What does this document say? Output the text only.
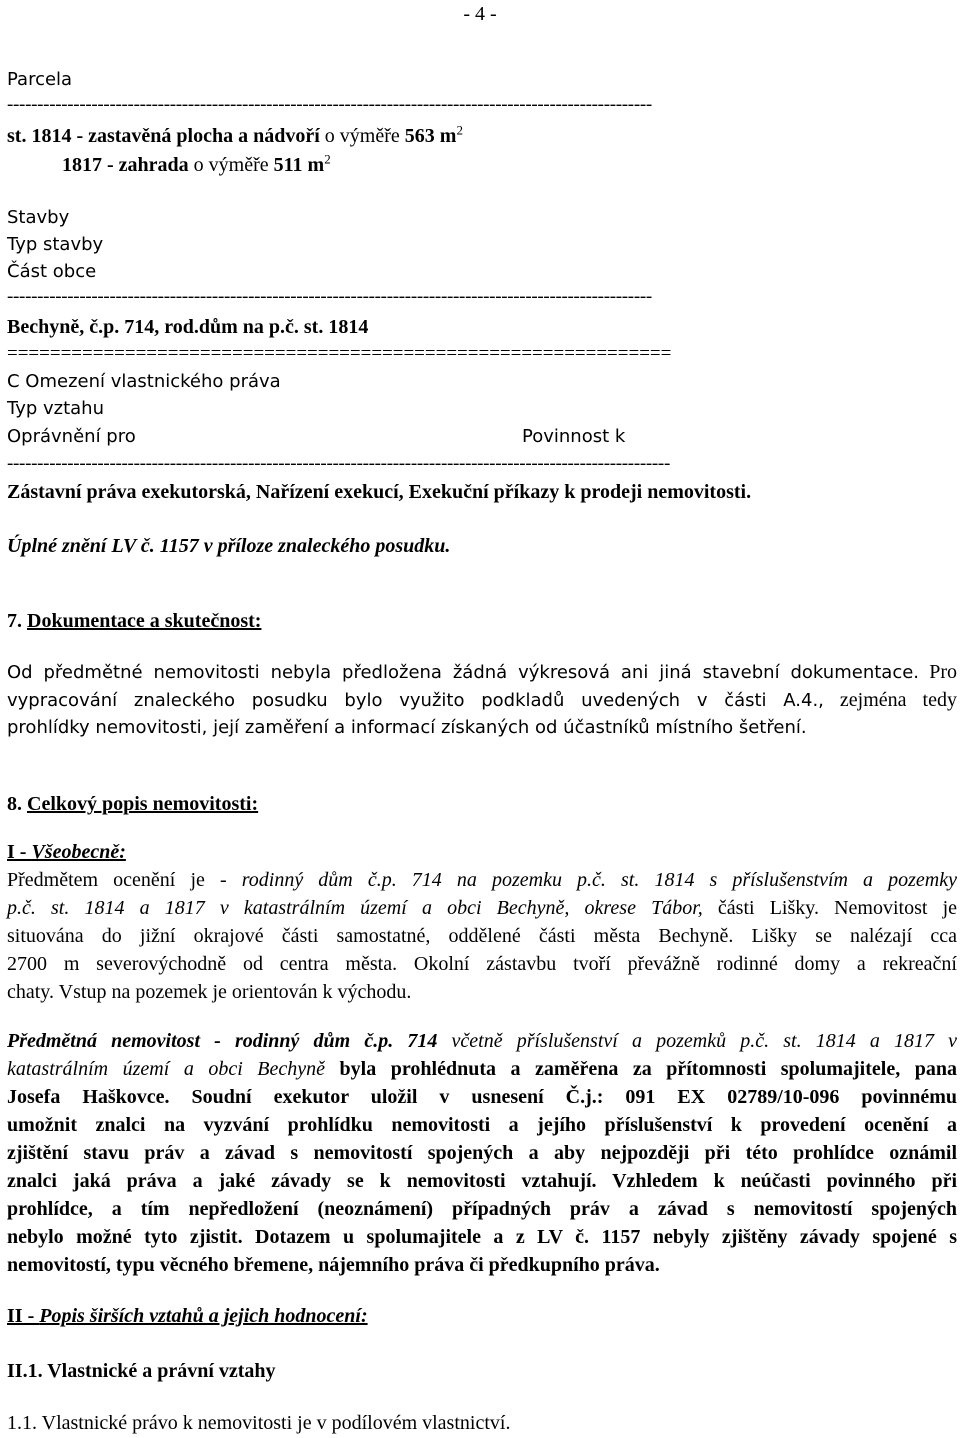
- 4 -
Parcela
-----------------------------------------------------------------------------------------------------------
st. 1814 - zastavěná plocha a nádvoří o výměře 563 $m^2$
1817 - zahrada o výměře 511 $m^2$
Stavby
Typ stavby
Část obce
-----------------------------------------------------------------------------------------------------------
Bechyně, č.p. 714, rod.dům na p.č. st. 1814
==============================================================
C Omezení vlastnického práva
Typ vztahu
Oprávnění pro	Povinnost k
--------------------------------------------------------------------------------------------------------------
Zástavní práva exekutorská, Nařízení exekucí, Exekuční příkazy k prodeji nemovitosti.
Úplné znění LV č. 1157 v příloze znaleckého posudku.
7. Dokumentace a skutečnost:
Od předmětné nemovitosti nebyla předložena žádná výkresová ani jiná stavební dokumentace. Pro
vypracování znaleckého posudku bylo využito podkladů uvedených v části A.4., zejména tedy
prohlídky nemovitosti, její zaměření a informací získaných od účastníků místního šetření.
8. Celkový popis nemovitosti:
I - Všeobecně:
Předmětem ocenění je - rodinný dům č.p. 714 na pozemku p.č. st. 1814 s příslušenstvím a pozemky
p.č. st. 1814 a 1817 v katastrálním území a obci Bechyně, okrese Tábor, části Lišky. Nemovitost je
situována do jižní okrajové části samostatné, oddělené části města Bechyně. Lišky se nalézají cca
2700 m severovýchodně od centra města. Okolní zástavbu tvoří převážně rodinné domy a rekreační
chaty. Vstup na pozemek je orientován k východu.
Předmětná nemovitost - rodinný dům č.p. 714 včetně příslušenství a pozemků p.č. st. 1814 a 1817 v
katastrálním území a obci Bechyně byla prohlédnuta a zaměřena za přítomnosti spolumajitele, pana
Josefa Haškovce. Soudní exekutor uložil v usnesení Č.j.: 091 EX 02789/10-096 povinnému
umožnit znalci na vyzvání prohlídku nemovitosti a jejího příslušenství k provedení ocenění a
zjištění stavu práv a závad s nemovitostí spojených a aby nejpozději při této prohlídce oznámil
znalci jaká práva a jaké závady se k nemovitosti vztahují. Vzhledem k neúčasti povinného při
prohlídce, a tím nepředložení (neoznámení) případných práv a závad s nemovitostí spojených
nebylo možné tyto zjistit. Dotazem u spolumajitele a z LV č. 1157 nebyly zjištěny závady spojené s
nemovitostí, typu věcného břemene, nájemního práva či předkupního práva.
II - Popis širších vztahů a jejich hodnocení:
II.1. Vlastnické a právní vztahy
1.1. Vlastnické právo k nemovitosti je v podílovém vlastnictví.
